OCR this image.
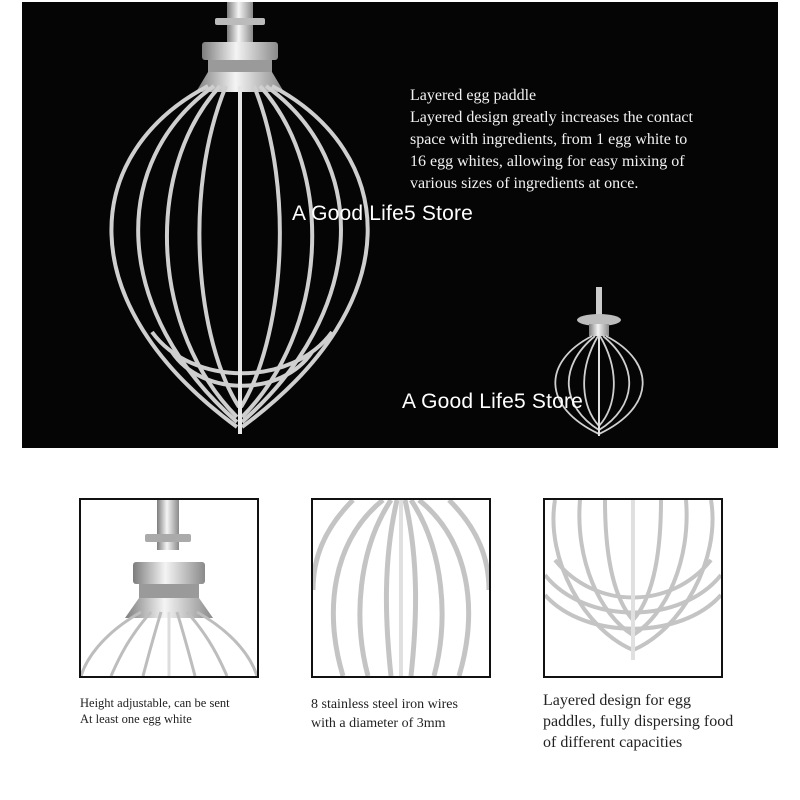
Layered egg paddle

Layered design greatly increases the contact

space with ingredients, from 1 egg white to

16 egg whites, allowing for easy mixing of

various sizes of ingredients at once.

A Good Life5 Store
A Good Life5 Store
Height adjustable, can be sent
At least one egg white
8 stainless steel iron wires
with a diameter of 3mm
Layered design for egg
paddles, fully dispersing food
of different capacities
